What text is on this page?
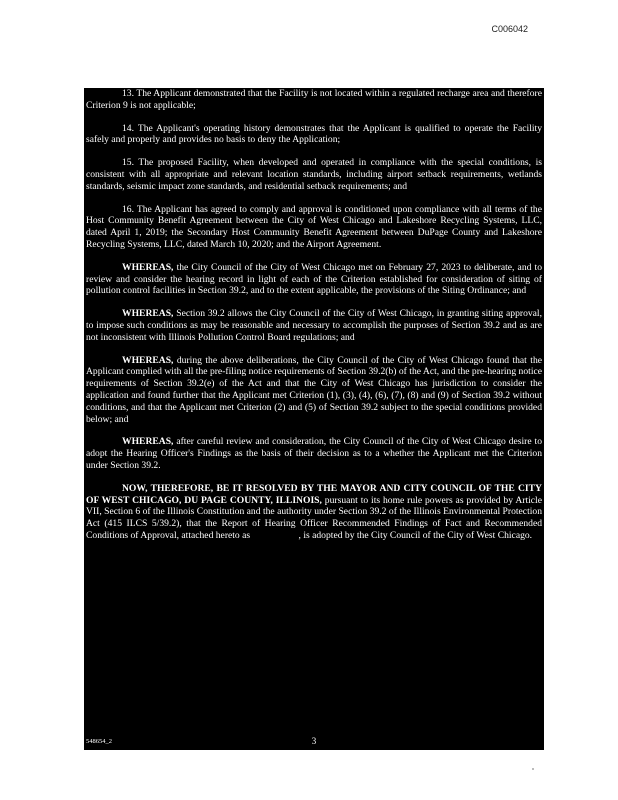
C006042

13. The Applicant demonstrated that the Facility is not located within a regulated recharge area and therefore Criterion 9 is not applicable;

14. The Applicant's operating history demonstrates that the Applicant is qualified to operate the Facility safely and properly and provides no basis to deny the Application;

15. The proposed Facility, when developed and operated in compliance with the special conditions, is consistent with all appropriate and relevant location standards, including airport setback requirements, wetlands standards, seismic impact zone standards, and residential setback requirements; and

16. The Applicant has agreed to comply and approval is conditioned upon compliance with all terms of the Host Community Benefit Agreement between the City of West Chicago and Lakeshore Recycling Systems, LLC, dated April 1, 2019; the Secondary Host Community Benefit Agreement between DuPage County and Lakeshore Recycling Systems, LLC, dated March 10, 2020; and the Airport Agreement.

WHEREAS, the City Council of the City of West Chicago met on February 27, 2023 to deliberate, and to review and consider the hearing record in light of each of the Criterion established for consideration of siting of pollution control facilities in Section 39.2, and to the extent applicable, the provisions of the Siting Ordinance; and

WHEREAS, Section 39.2 allows the City Council of the City of West Chicago, in granting siting approval, to impose such conditions as may be reasonable and necessary to accomplish the purposes of Section 39.2 and as are not inconsistent with Illinois Pollution Control Board regulations; and

WHEREAS, during the above deliberations, the City Council of the City of West Chicago found that the Applicant complied with all the pre-filing notice requirements of Section 39.2(b) of the Act, and the pre-hearing notice requirements of Section 39.2(e) of the Act and that the City of West Chicago has jurisdiction to consider the application and found further that the Applicant met Criterion (1), (3), (4), (6), (7), (8) and (9) of Section 39.2 without conditions, and that the Applicant met Criterion (2) and (5) of Section 39.2 subject to the special conditions provided below; and

WHEREAS, after careful review and consideration, the City Council of the City of West Chicago desire to adopt the Hearing Officer's Findings as the basis of their decision as to a whether the Applicant met the Criterion under Section 39.2.

NOW, THEREFORE, BE IT RESOLVED BY THE MAYOR AND CITY COUNCIL OF THE CITY OF WEST CHICAGO, DU PAGE COUNTY, ILLINOIS, pursuant to its home rule powers as provided by Article VII, Section 6 of the Illinois Constitution and the authority under Section 39.2 of the Illinois Environmental Protection Act (415 ILCS 5/39.2), that the Report of Hearing Officer Recommended Findings of Fact and Recommended Conditions of Approval, attached hereto as	, is adopted by the City Council of the City of West Chicago.

548654_2	3
